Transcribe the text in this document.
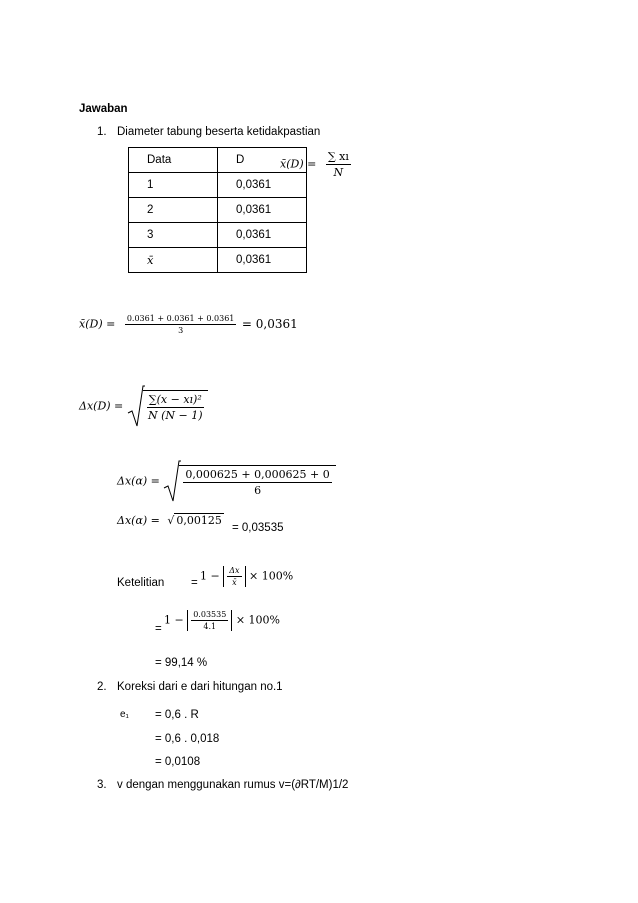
Jawaban
1. Diameter tabung beserta ketidakpastian
Data	D
1	0,0361
2	0,0361
3	0,0361
x̄	0,0361
x̄(D) = $\frac{\sum xı}{N}$
x̄(D) = $\frac{0.0361 + 0.0361 + 0.0361}{3} = 0,0361$
$\Delta x(D) = \frac{\text{∑(x − xı)²}}{N (N - 1)}$
$\Delta x(\alpha) = \frac{0,000625 + 0,000625 + 0}{6}$
Δx(α) = √ 0,00125
= 0,03535
Ketelitian =
$1 - \frac{\Delta x}{x̄} \times 100\%$
=
$1 - \frac{0.03535}{4.1} \times 100\%$
= 99,14 %
2. Koreksi dari e dari hitungan no.1
e₁ = 0,6 . R
= 0,6 . 0,018
= 0,0108
3. v dengan menggunakan rumus v=(∂RT/M)1/2
